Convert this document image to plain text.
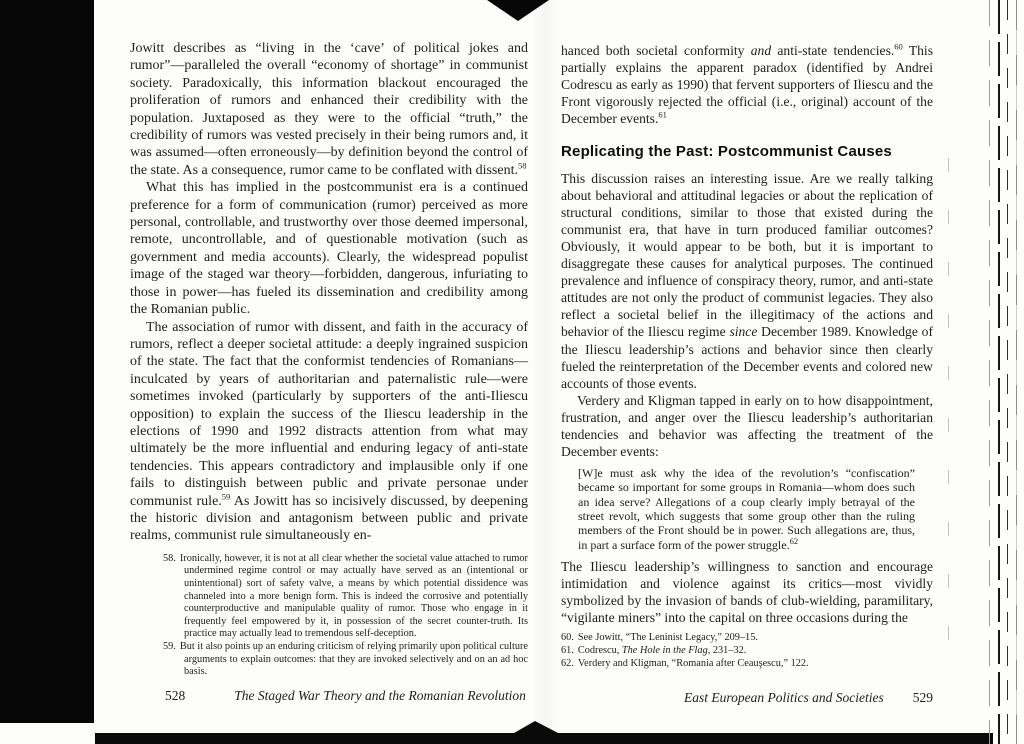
Jowitt describes as “living in the ‘cave’ of political jokes and rumor”—paralleled the overall “economy of shortage” in communist society. Paradoxically, this information blackout encouraged the proliferation of rumors and enhanced their credibility with the population. Juxtaposed as they were to the official “truth,” the credibility of rumors was vested precisely in their being rumors and, it was assumed—often erroneously—by definition beyond the control of the state. As a consequence, rumor came to be conflated with dissent.$^{58}$

What this has implied in the postcommunist era is a continued preference for a form of communication (rumor) perceived as more personal, controllable, and trustworthy over those deemed impersonal, remote, uncontrollable, and of questionable motivation (such as government and media accounts). Clearly, the widespread populist image of the staged war theory—forbidden, dangerous, infuriating to those in power—has fueled its dissemination and credibility among the Romanian public.

The association of rumor with dissent, and faith in the accuracy of rumors, reflect a deeper societal attitude: a deeply ingrained suspicion of the state. The fact that the conformist tendencies of Romanians—inculcated by years of authoritarian and paternalistic rule—were sometimes invoked (particularly by supporters of the anti-Iliescu opposition) to explain the success of the Iliescu leadership in the elections of 1990 and 1992 distracts attention from what may ultimately be the more influential and enduring legacy of anti-state tendencies. This appears contradictory and implausible only if one fails to distinguish between public and private personae under communist rule.$^{59}$ As Jowitt has so incisively discussed, by deepening the historic division and antagonism between public and private realms, communist rule simultaneously en-

58. Ironically, however, it is not at all clear whether the societal value attached to rumor undermined regime control or may actually have served as an (intentional or unintentional) sort of safety valve, a means by which potential dissidence was channeled into a more benign form. This is indeed the corrosive and potentially counterproductive and manipulable quality of rumor. Those who engage in it frequently feel empowered by it, in possession of the secret counter-truth. Its practice may actually lead to tremendous self-deception.

59. But it also points up an enduring criticism of relying primarily upon political culture arguments to explain outcomes: that they are invoked selectively and on an ad hoc basis.

528	The Staged War Theory and the Romanian Revolution

hanced both societal conformity and anti-state tendencies.$^{60}$ This partially explains the apparent paradox (identified by Andrei Codrescu as early as 1990) that fervent supporters of Iliescu and the Front vigorously rejected the official (i.e., original) account of the December events.$^{61}$

Replicating the Past: Postcommunist Causes

This discussion raises an interesting issue. Are we really talking about behavioral and attitudinal legacies or about the replication of structural conditions, similar to those that existed during the communist era, that have in turn produced familiar outcomes? Obviously, it would appear to be both, but it is important to disaggregate these causes for analytical purposes. The continued prevalence and influence of conspiracy theory, rumor, and anti-state attitudes are not only the product of communist legacies. They also reflect a societal belief in the illegitimacy of the actions and behavior of the Iliescu regime since December 1989. Knowledge of the Iliescu leadership’s actions and behavior since then clearly fueled the reinterpretation of the December events and colored new accounts of those events.

Verdery and Kligman tapped in early on to how disappointment, frustration, and anger over the Iliescu leadership’s authoritarian tendencies and behavior was affecting the treatment of the December events:

[W]e must ask why the idea of the revolution’s “confiscation” became so important for some groups in Romania—whom does such an idea serve? Allegations of a coup clearly imply betrayal of the street revolt, which suggests that some group other than the ruling members of the Front should be in power. Such allegations are, thus, in part a surface form of the power struggle.$^{62}$

The Iliescu leadership’s willingness to sanction and encourage intimidation and violence against its critics—most vividly symbolized by the invasion of bands of club-wielding, paramilitary, “vigilante miners” into the capital on three occasions during the

60. See Jowitt, “The Leninist Legacy,” 209–15.

61. Codrescu, The Hole in the Flag, 231–32.

62. Verdery and Kligman, “Romania after Ceauşescu,” 122.

East European Politics and Societies 529
